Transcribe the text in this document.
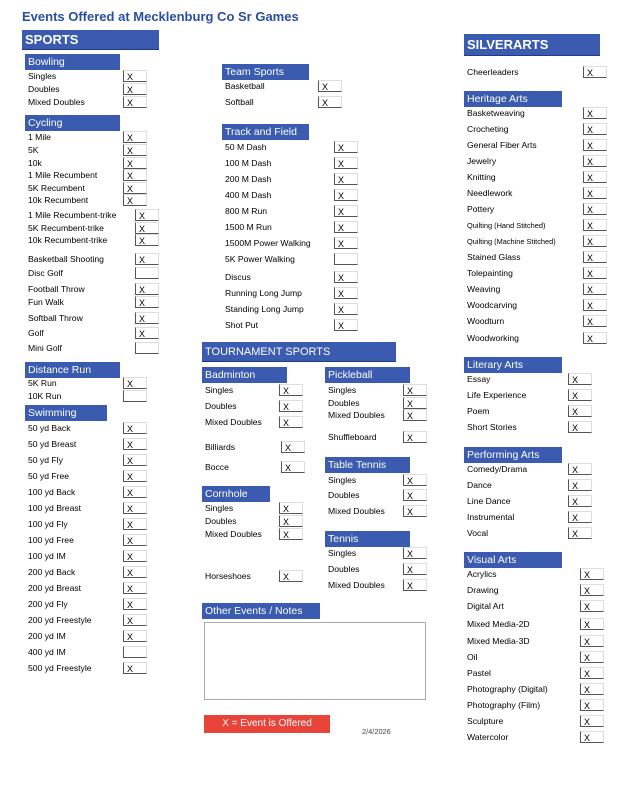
Events Offered at Mecklenburg Co Sr Games
SPORTS	SILVERARTS
TOURNAMENT SPORTS
Bowling
Singles	X
Doubles	X
Mixed Doubles	X
Cycling
1 Mile	X
5K	X
10k	X
1 Mile Recumbent	X
5K Recumbent	X
10k Recumbent	X
1 Mile Recumbent-trike	X
5K Recumbent-trike	X
10k Recumbent-trike	X
Basketball Shooting	X
Disc Golf
Football Throw	X
Fun Walk	X
Softball Throw	X
Golf	X
Mini Golf
Distance Run
5K Run	X
10K Run
Swimming
50 yd Back	X
50 yd Breast	X
50 yd Fly	X
50 yd Free	X
100 yd Back	X
100 yd Breast	X
100 yd Fly	X
100 yd Free	X
100 yd IM	X
200 yd Back	X
200 yd Breast	X
200 yd Fly	X
200 yd Freestyle	X
200 yd IM	X
400 yd IM
500 yd Freestyle	X
Team Sports
Basketball	X
Softball	X
Track and Field
50 M Dash	X
100 M Dash	X
200 M Dash	X
400 M Dash	X
800 M Run	X
1500 M Run	X
1500M Power Walking	X
5K Power Walking
Discus	X
Running Long Jump	X
Standing Long Jump	X
Shot Put	X
Badminton
Singles	X
Doubles	X
Mixed Doubles	X
Billiards	X
Bocce	X
Cornhole
Singles	X
Doubles	X
Mixed Doubles	X
Horseshoes	X
Pickleball
Singles	X
Doubles	X
Mixed Doubles	X
Shuffleboard	X
Table Tennis
Singles	X
Doubles	X
Mixed Doubles	X
Tennis
Singles	X
Doubles	X
Mixed Doubles	X
Cheerleaders	X
Heritage Arts
Basketweaving	X
Crocheting	X
General Fiber Arts	X
Jewelry	X
Knitting	X
Needlework	X
Pottery	X
Quilting (Hand Stitched)	X
Quilting (Machine Stitched)	X
Stained Glass	X
Tolepainting	X
Weaving	X
Woodcarving	X
Woodturn	X
Woodworking	X
Literary Arts
Essay	X
Life Experience	X
Poem	X
Short Stories	X
Performing Arts
Comedy/Drama	X
Dance	X
Line Dance	X
Instrumental	X
Vocal	X
Visual Arts
Acrylics	X
Drawing	X
Digital Art	X
Mixed Media-2D	X
Mixed Media-3D	X
Oil	X
Pastel	X
Photography (Digital)	X
Photography (Film)	X
Sculpture	X
Watercolor	X
Other Events / Notes
X = Event is Offered
2/4/2026
